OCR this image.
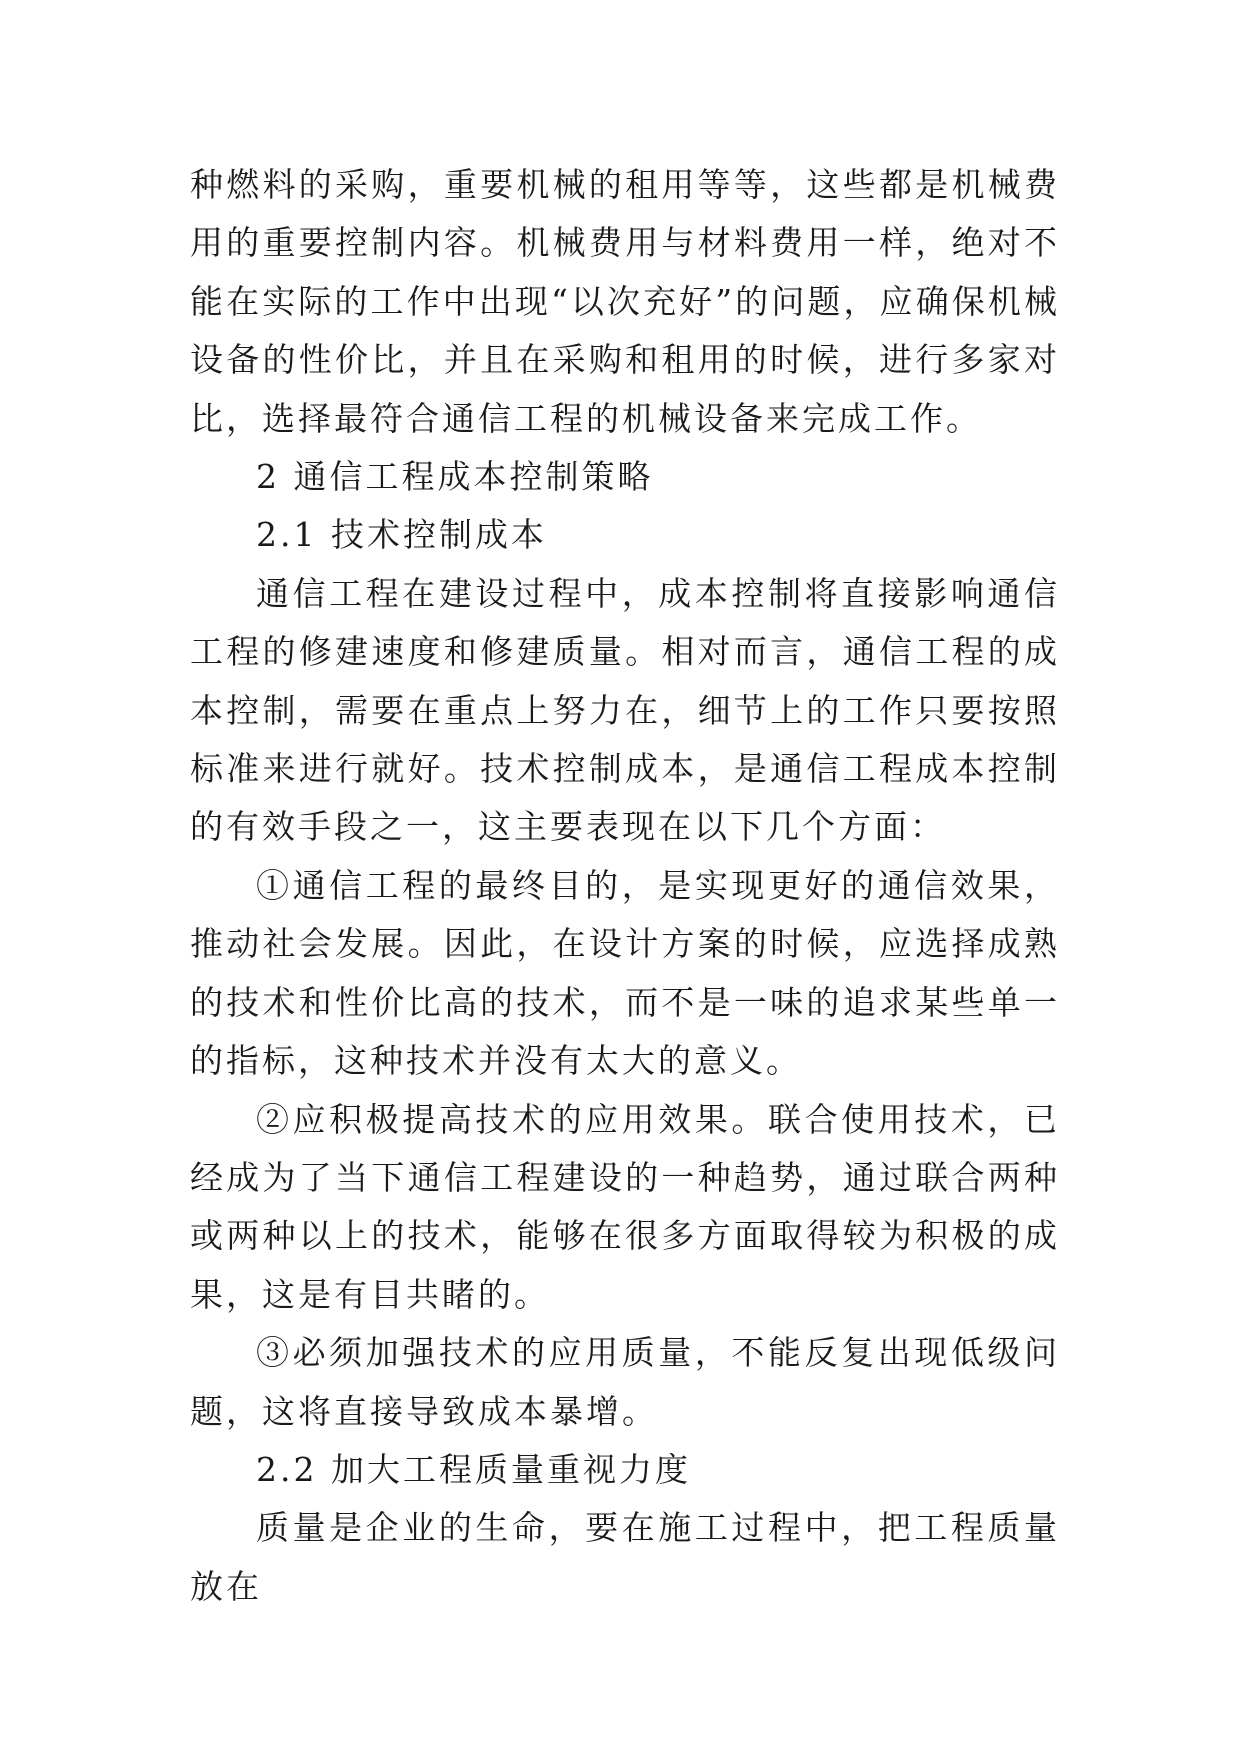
种燃料的采购，重要机械的租用等等，这些都是机械费用的重要控制内容。机械费用与材料费用一样，绝对不能在实际的工作中出现“以次充好”的问题，应确保机械设备的性价比，并且在采购和租用的时候，进行多家对比，选择最符合通信工程的机械设备来完成工作。

2 通信工程成本控制策略

2.1 技术控制成本

通信工程在建设过程中，成本控制将直接影响通信工程的修建速度和修建质量。相对而言，通信工程的成本控制，需要在重点上努力在，细节上的工作只要按照标准来进行就好。技术控制成本，是通信工程成本控制的有效手段之一，这主要表现在以下几个方面：

①通信工程的最终目的，是实现更好的通信效果，推动社会发展。因此，在设计方案的时候，应选择成熟的技术和性价比高的技术，而不是一味的追求某些单一的指标，这种技术并没有太大的意义。

②应积极提高技术的应用效果。联合使用技术，已经成为了当下通信工程建设的一种趋势，通过联合两种或两种以上的技术，能够在很多方面取得较为积极的成果，这是有目共睹的。

③必须加强技术的应用质量，不能反复出现低级问题，这将直接导致成本暴增。

2.2 加大工程质量重视力度

质量是企业的生命，要在施工过程中，把工程质量放在
